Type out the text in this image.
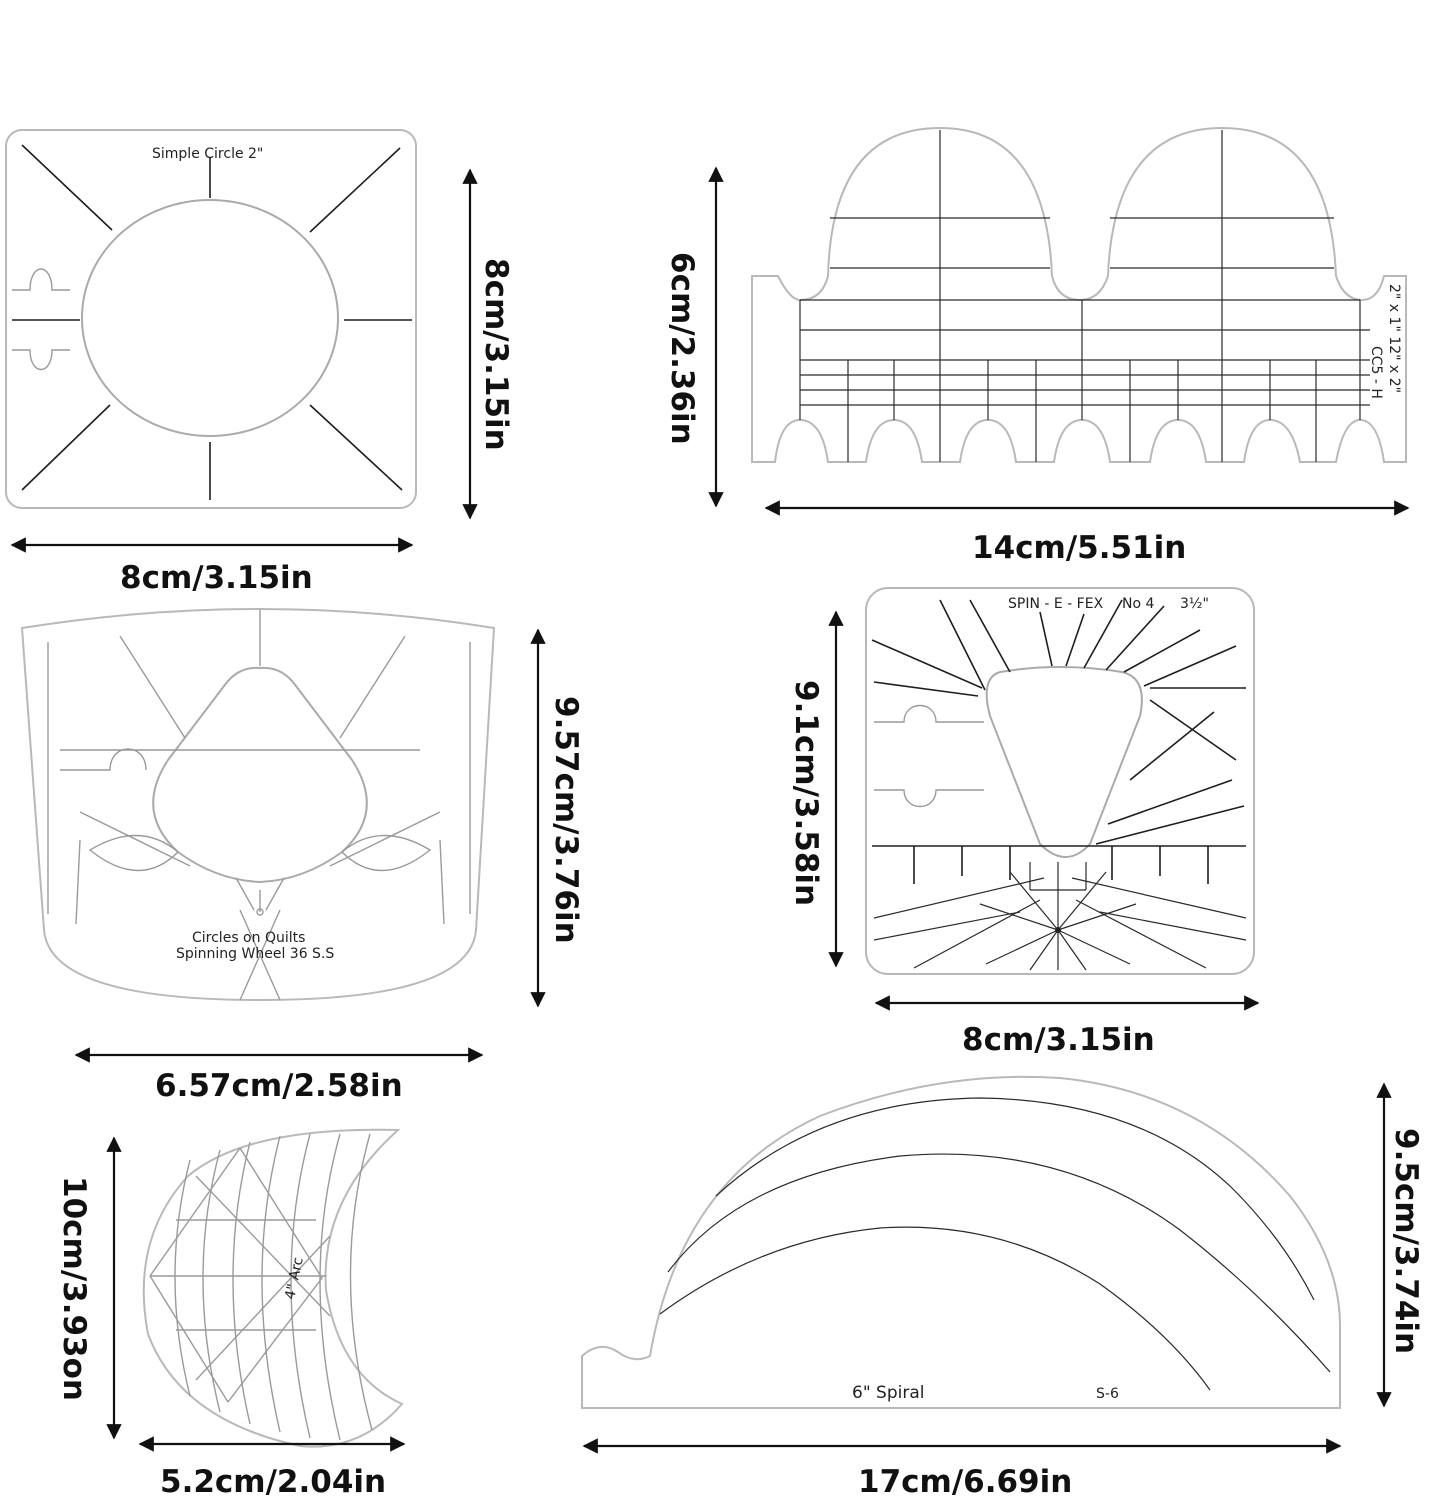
Simple Circle 2"
8cm/3.15in
8cm/3.15in	CC5 - H 2" x 1" 12" x 2"
14cm/5.51in
6cm/2.36in
Circles on Quilts
Spinning Wheel 36 S.S
6.57cm/2.58in
9.57cm/3.76in
SPIN - E - FEX No 4 3½"
8cm/3.15in
9.1cm/3.58in
4" Arc
5.2cm/2.04in
10cm/3.93on	6" Spiral	S-6
17cm/6.69in
9.5cm/3.74in
